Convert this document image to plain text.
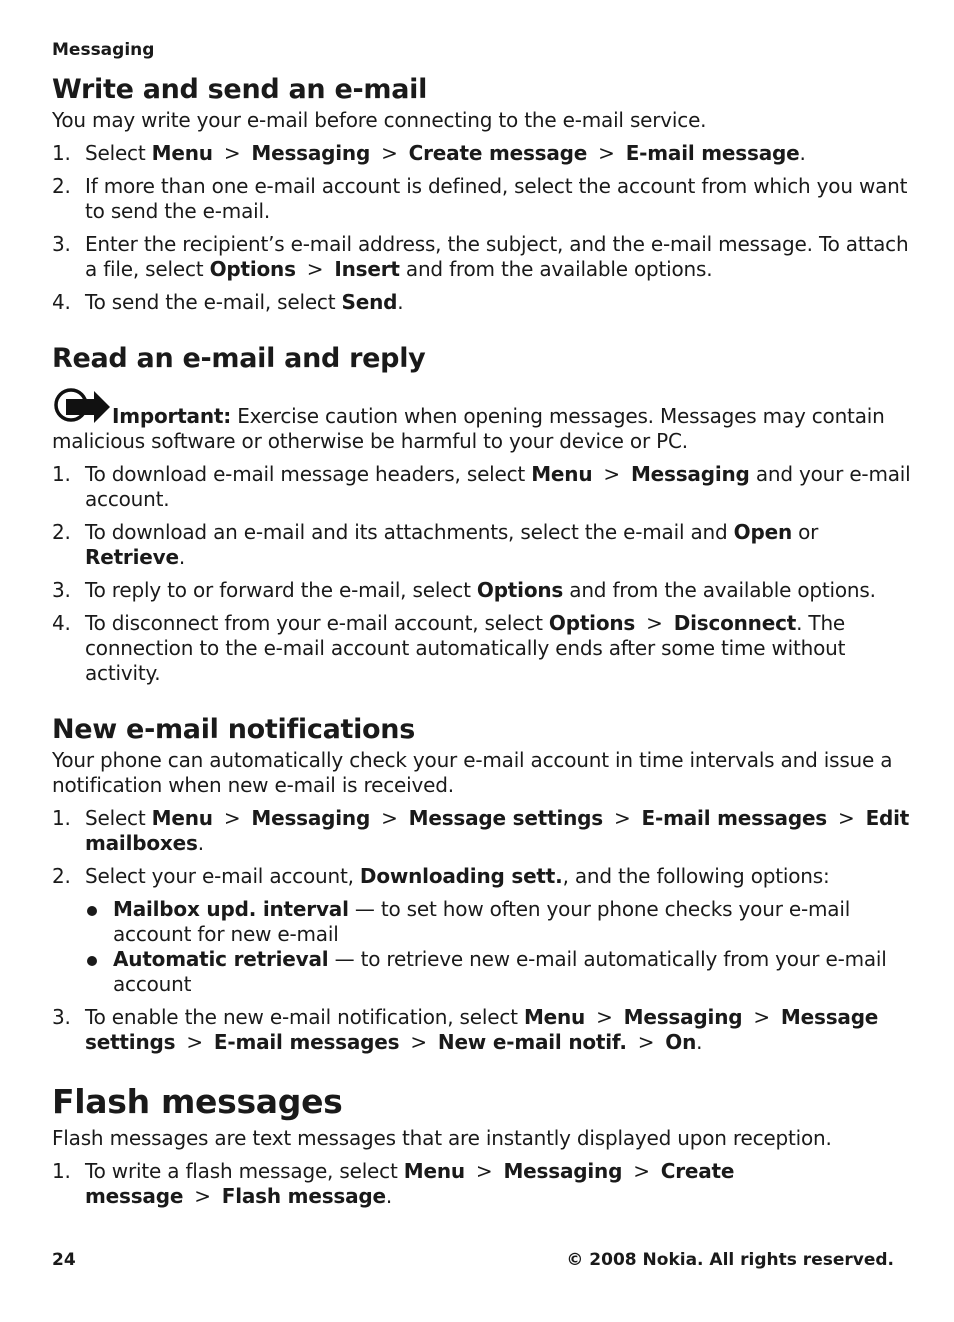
Messaging
Write and send an e-mail

You may write your e-mail before connecting to the e-mail service.

1. Select Menu > Messaging > Create message > E-mail message.
2. If more than one e-mail account is defined, select the account from which you want to send the e-mail.
3. Enter the recipient’s e-mail address, the subject, and the e-mail message. To attach a file, select Options > Insert and from the available options.
4. To send the e-mail, select Send.
Read an e-mail and reply
Important: Exercise caution when opening messages. Messages may contain malicious software or otherwise be harmful to your device or PC.
1. To download e-mail message headers, select Menu > Messaging and your e-mail account.
2. To download an e-mail and its attachments, select the e-mail and Open or Retrieve.
3. To reply to or forward the e-mail, select Options and from the available options.
4. To disconnect from your e-mail account, select Options > Disconnect. The connection to the e-mail account automatically ends after some time without activity.
New e-mail notifications

Your phone can automatically check your e-mail account in time intervals and issue a notification when new e-mail is received.

1. Select Menu > Messaging > Message settings > E-mail messages > Edit mailboxes.
2. Select your e-mail account, Downloading sett., and the following options:
Mailbox upd. interval — to set how often your phone checks your e-mail account for new e-mail
Automatic retrieval — to retrieve new e-mail automatically from your e-mail account
3. To enable the new e-mail notification, select Menu > Messaging > Message settings > E-mail messages > New e-mail notif. > On.
Flash messages

Flash messages are text messages that are instantly displayed upon reception.

1. To write a flash message, select Menu > Messaging > Create message > Flash message.
24	© 2008 Nokia. All rights reserved.
